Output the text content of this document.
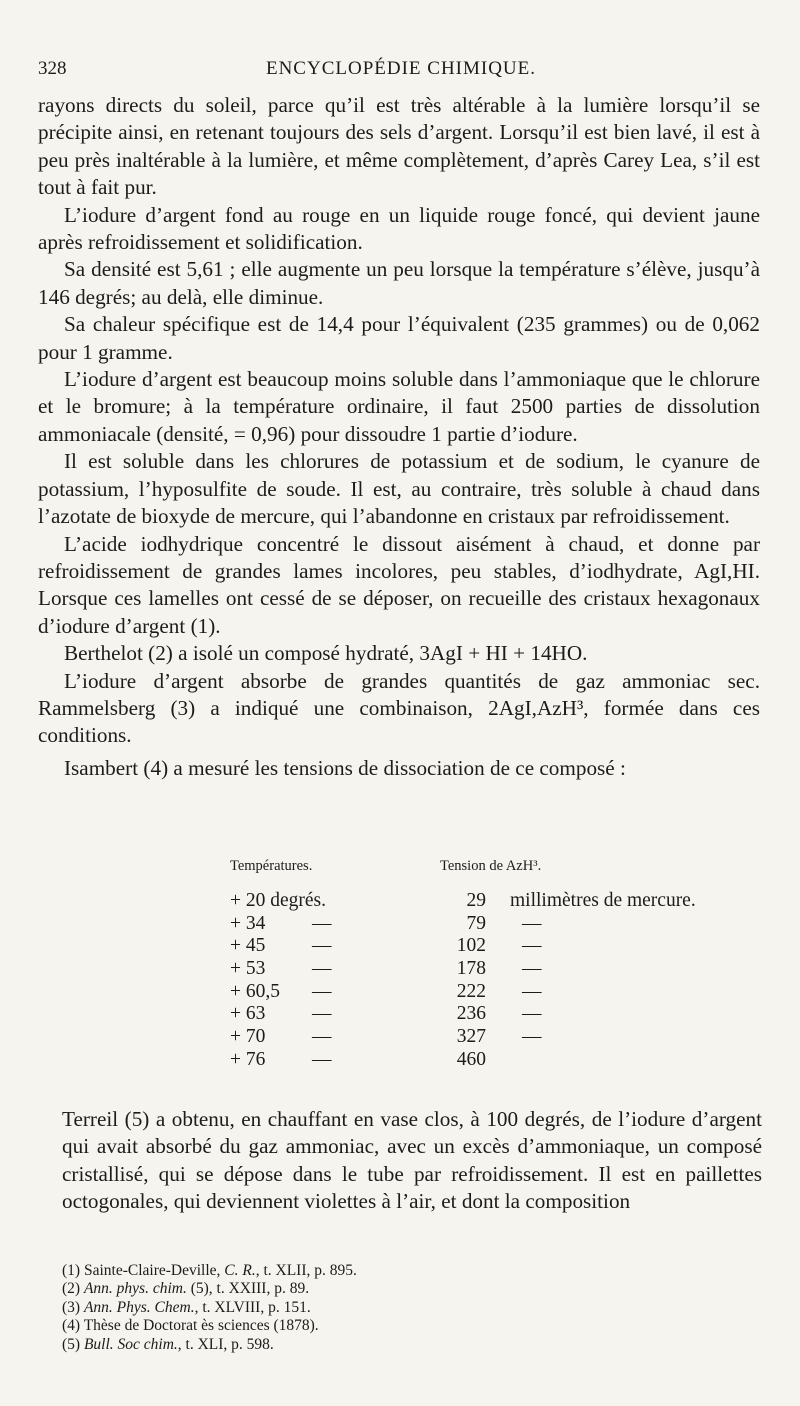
328	ENCYCLOPÉDIE CHIMIQUE.

rayons directs du soleil, parce qu’il est très altérable à la lumière lorsqu’il se précipite ainsi, en retenant toujours des sels d’argent. Lorsqu’il est bien lavé, il est à peu près inaltérable à la lumière, et même complètement, d’après Carey Lea, s’il est tout à fait pur.

L’iodure d’argent fond au rouge en un liquide rouge foncé, qui devient jaune après refroidissement et solidification.

Sa densité est 5,61 ; elle augmente un peu lorsque la température s’élève, jusqu’à 146 degrés; au delà, elle diminue.

Sa chaleur spécifique est de 14,4 pour l’équivalent (235 grammes) ou de 0,062 pour 1 gramme.

L’iodure d’argent est beaucoup moins soluble dans l’ammoniaque que le chlorure et le bromure; à la température ordinaire, il faut 2500 parties de dissolution ammoniacale (densité, = 0,96) pour dissoudre 1 partie d’iodure.

Il est soluble dans les chlorures de potassium et de sodium, le cyanure de potassium, l’hyposulfite de soude. Il est, au contraire, très soluble à chaud dans l’azotate de bioxyde de mercure, qui l’abandonne en cristaux par refroidissement.

L’acide iodhydrique concentré le dissout aisément à chaud, et donne par refroidissement de grandes lames incolores, peu stables, d’iodhydrate, AgI,HI. Lorsque ces lamelles ont cessé de se déposer, on recueille des cristaux hexagonaux d’iodure d’argent (1).

Berthelot (2) a isolé un composé hydraté, 3AgI + HI + 14HO.

L’iodure d’argent absorbe de grandes quantités de gaz ammoniac sec. Rammelsberg (3) a indiqué une combinaison, 2AgI,AzH³, formée dans ces conditions.

Isambert (4) a mesuré les tensions de dissociation de ce composé :

Températures.	Tension de AzH³.
+ 20 degrés.	29 millimètres de mercure.
+ 34 —	79 —
+ 45 —	102 —
+ 53 —	178 —
+ 60,5 —	222 —
+ 63 —	236 —
+ 70 —	327 —
+ 76 —	460

Terreil (5) a obtenu, en chauffant en vase clos, à 100 degrés, de l’iodure d’argent qui avait absorbé du gaz ammoniac, avec un excès d’ammoniaque, un composé cristallisé, qui se dépose dans le tube par refroidissement. Il est en paillettes octogonales, qui deviennent violettes à l’air, et dont la composition

(1) Sainte-Claire-Deville, C. R., t. XLII, p. 895.

(2) Ann. phys. chim. (5), t. XXIII, p. 89.

(3) Ann. Phys. Chem., t. XLVIII, p. 151.

(4) Thèse de Doctorat ès sciences (1878).

(5) Bull. Soc chim., t. XLI, p. 598.
